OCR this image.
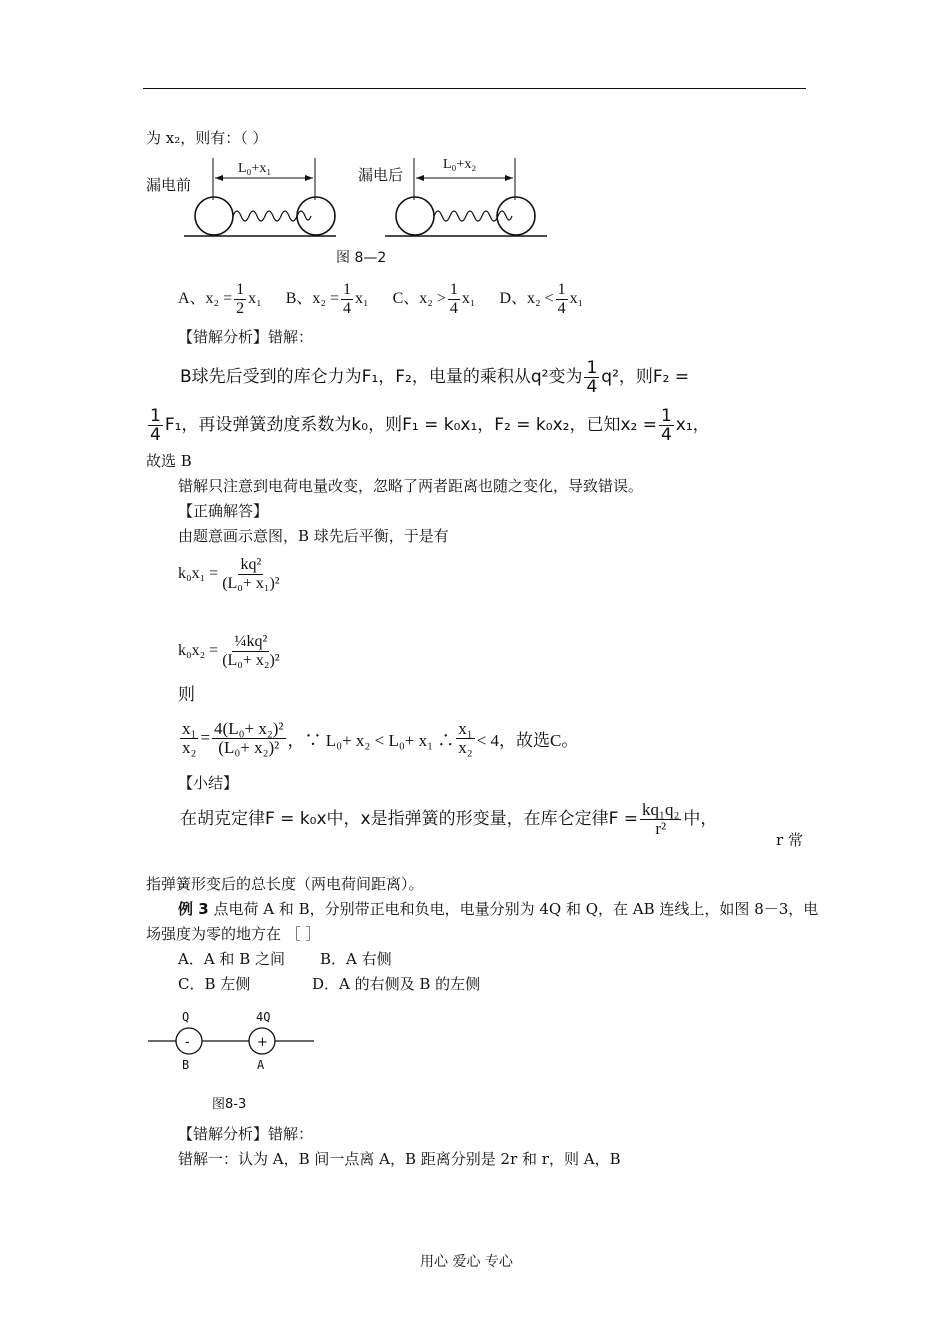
为 x₂，则有：（ ）
漏电前
漏电后
L₀+x₁	L₀+x₂
图 8—2
A、$x_2 = \frac{1}{2} x_1$ B、$x_2 = \frac{1}{4} x_1$ C、$x_2 > \frac{1}{4} x_1$ D、$x_2 < \frac{1}{4} x_1$
【错解分析】错解：
B球先后受到的库仑力为F₁，F₂，电量的乘积从q²变为 $\frac{1}{4} q^2$，则F₂ =
$\frac{1}{4} F_1$，再设弹簧劲度系数为k₀，则F₁ = k₀x₁，F₂ = k₀x₂，已知$x_2 = \frac{1}{4} x_1$，
故选 B
错解只注意到电荷电量改变，忽略了两者距离也随之变化，导致错误。
【正确解答】
由题意画示意图，B 球先后平衡，于是有
$k_0x_1 = \frac{\text{kq²}}{\text{(L₀+ x₁)²}}$
$k_0x_2 = \frac{\text{¼kq²}}{\text{(L₀+ x₂)²}}$
则
$\frac{\text{x₁}}{\text{x₂}} = \frac{\text{4(L₀+ x₂)²}}{\text{(L₀+ x₂)²}}$ ，∵ L₀+ x₂ < L₀+ x₁ ∴ $\frac{\text{x₁}}{\text{x₂}} < 4$，故选C。
【小结】
在胡克定律F = k₀x中，x是指弹簧的形变量，在库仑定律$F = \frac{\text{kq₁q₂}}{\text{r²}}$ 中，
r 常
指弹簧形变后的总长度（两电荷间距离）。
例 3 点电荷 A 和 B，分别带正电和负电，电量分别为 4Q 和 Q，在 AB 连线上，如图 8－3，电
场强度为零的地方在 ［ ］
A．A 和 B 之间 B．A 右侧
C．B 左侧	D．A 的右侧及 B 的左侧
Q	4Q
-	+
B	A
图8-3
【错解分析】错解：
错解一：认为 A，B 间一点离 A，B 距离分别是 2r 和 r，则 A，B
用心 爱心 专心
